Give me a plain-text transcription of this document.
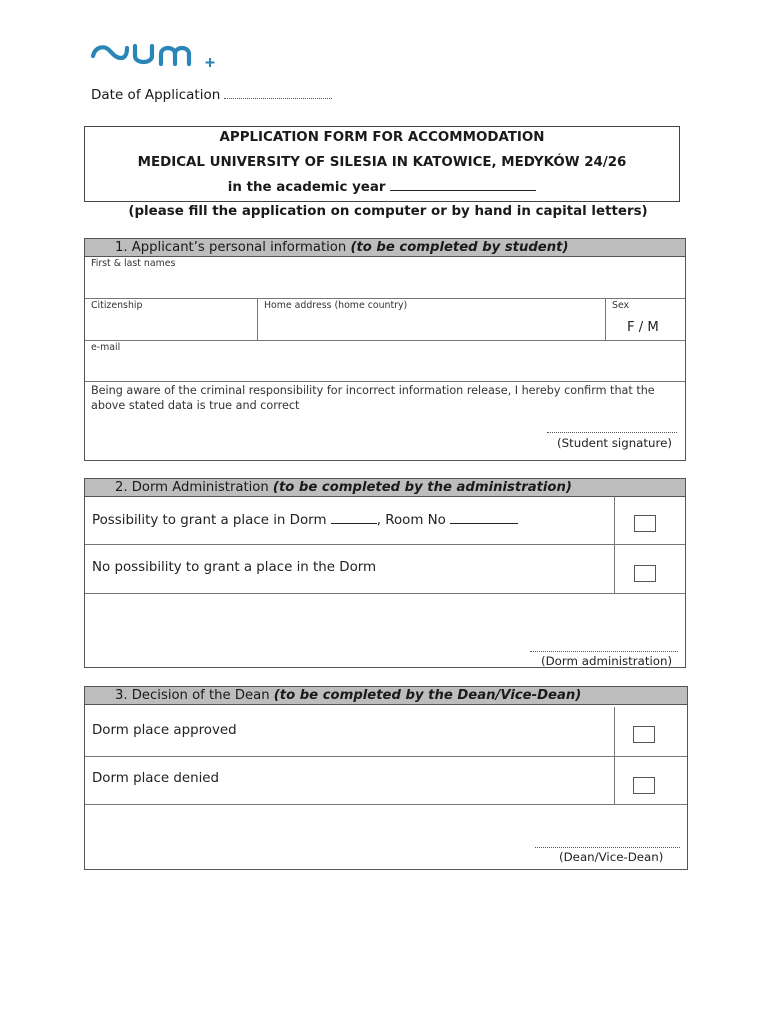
Date of Application
APPLICATION FORM FOR ACCOMMODATION
MEDICAL UNIVERSITY OF SILESIA IN KATOWICE, MEDYKÓW 24/26
in the academic year
(please fill the application on computer or by hand in capital letters)
1. Applicant’s personal information (to be completed by student)
First & last names
Citizenship	Home address (home country)	Sex
F / M
e-mail
Being aware of the criminal responsibility for incorrect information release, I hereby confirm that the above stated data is true and correct
(Student signature)
2. Dorm Administration (to be completed by the administration)
Possibility to grant a place in Dorm	, Room No
No possibility to grant a place in the Dorm
(Dorm administration)
3. Decision of the Dean (to be completed by the Dean/Vice-Dean)
Dorm place approved
Dorm place denied
(Dean/Vice-Dean)
